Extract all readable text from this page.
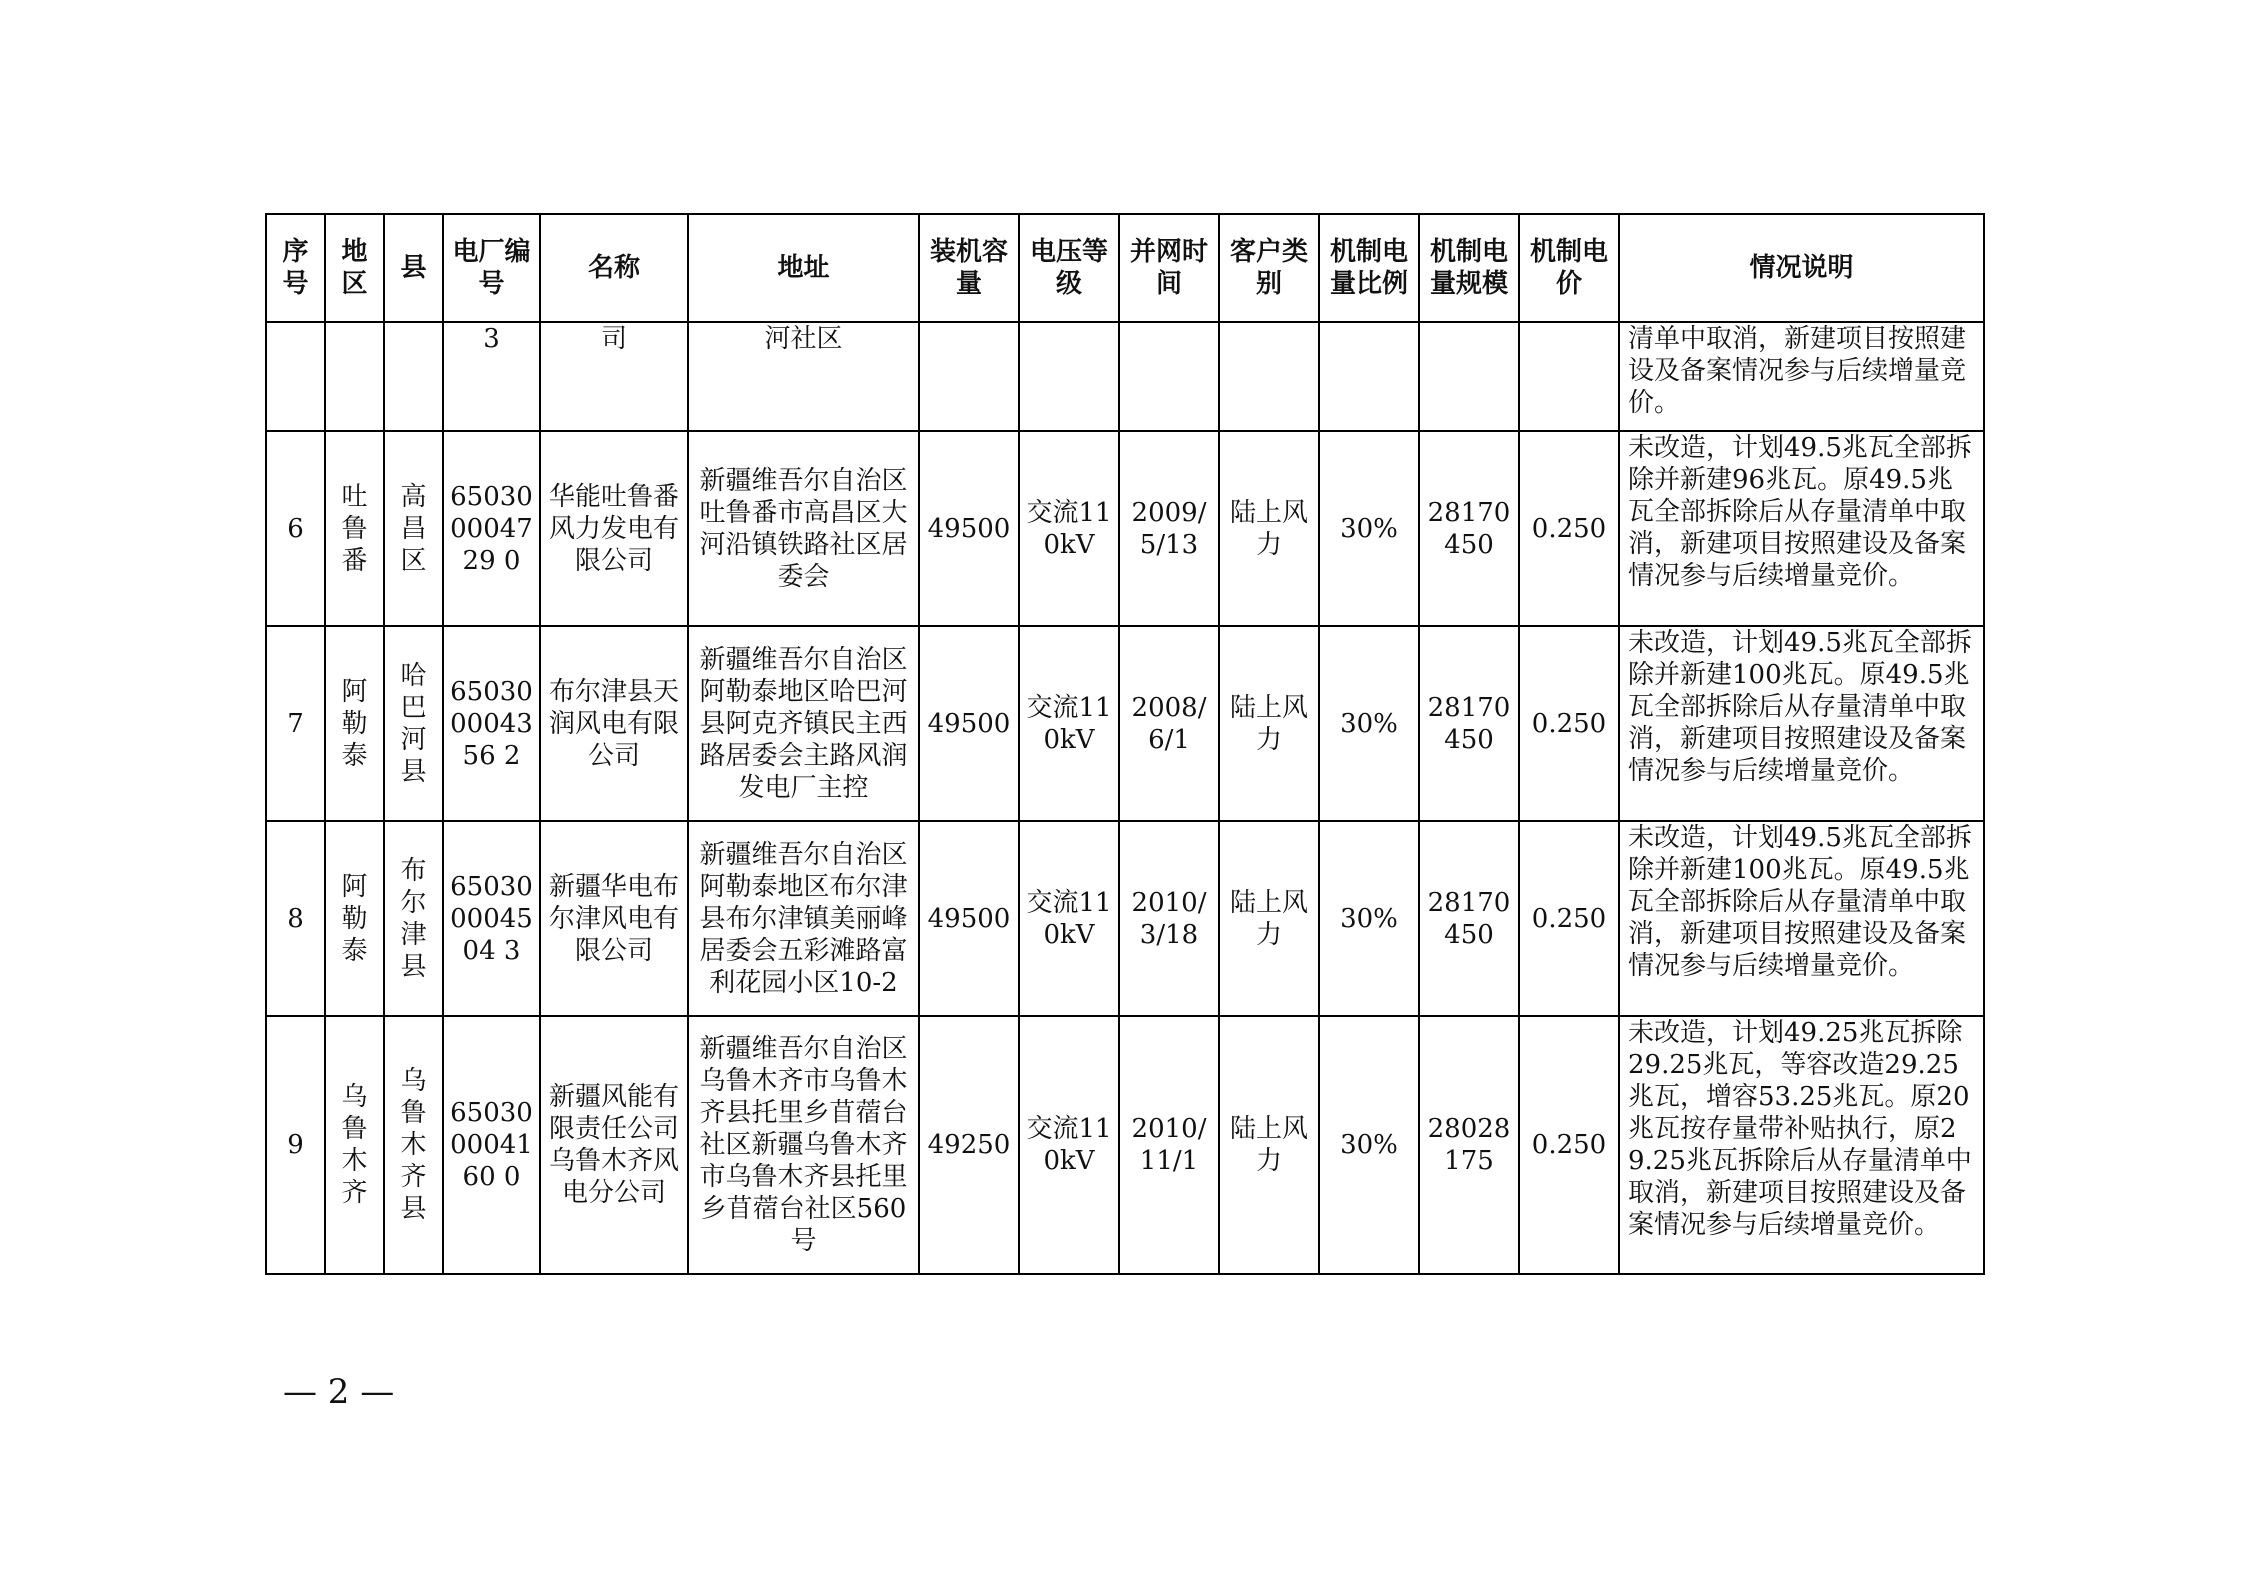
序号	地区	县	电厂编号	名称	地址	装机容量	电压等级	并网时间	客户类别	机制电量比例	机制电量规模	机制电价	情况说明
			3	司	河社区								清单中取消，新建项目按照建设及备案情况参与后续增量竞价。
6	吐鲁番	高昌区	650300004729 0	华能吐鲁番风力发电有限公司	新疆维吾尔自治区吐鲁番市高昌区大河沿镇铁路社区居委会	49500	交流110kV	2009/5/13	陆上风力	30%	28170450	0.250	未改造，计划49.5兆瓦全部拆除并新建96兆瓦。原49.5兆瓦全部拆除后从存量清单中取消，新建项目按照建设及备案情况参与后续增量竞价。
7	阿勒泰	哈巴河县	650300004356 2	布尔津县天润风电有限公司	新疆维吾尔自治区阿勒泰地区哈巴河县阿克齐镇民主西路居委会主路风润发电厂主控	49500	交流110kV	2008/6/1	陆上风力	30%	28170450	0.250	未改造，计划49.5兆瓦全部拆除并新建100兆瓦。原49.5兆瓦全部拆除后从存量清单中取消，新建项目按照建设及备案情况参与后续增量竞价。
8	阿勒泰	布尔津县	650300004504 3	新疆华电布尔津风电有限公司	新疆维吾尔自治区阿勒泰地区布尔津县布尔津镇美丽峰居委会五彩滩路富利花园小区10-2	49500	交流110kV	2010/3/18	陆上风力	30%	28170450	0.250	未改造，计划49.5兆瓦全部拆除并新建100兆瓦。原49.5兆瓦全部拆除后从存量清单中取消，新建项目按照建设及备案情况参与后续增量竞价。
9	乌鲁木齐	乌鲁木齐县	650300004160 0	新疆风能有限责任公司乌鲁木齐风电分公司	新疆维吾尔自治区乌鲁木齐市乌鲁木齐县托里乡苜蓿台社区新疆乌鲁木齐市乌鲁木齐县托里乡苜蓿台社区560号	49250	交流110kV	2010/11/1	陆上风力	30%	28028175	0.250	未改造，计划49.25兆瓦拆除29.25兆瓦，等容改造29.25兆瓦，增容53.25兆瓦。原20兆瓦按存量带补贴执行，原29.25兆瓦拆除后从存量清单中取消，新建项目按照建设及备案情况参与后续增量竞价。
— 2 —
